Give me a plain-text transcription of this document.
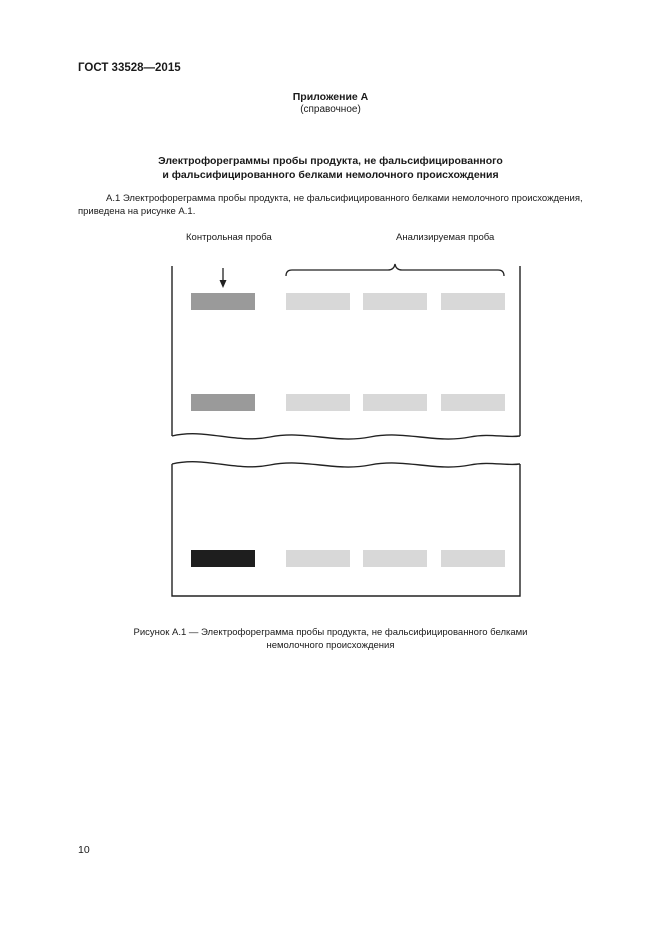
ГОСТ 33528—2015
Приложение А
(справочное)
Электрофореграммы пробы продукта, не фальсифицированного
и фальсифицированного белками немолочного происхождения
А.1 Электрофореграмма пробы продукта, не фальсифицированного белками немолочного происхождения, приведена на рисунке А.1.
Контрольная проба	Анализируемая проба
Рисунок А.1 — Электрофореграмма пробы продукта, не фальсифицированного белками
немолочного происхождения
10
